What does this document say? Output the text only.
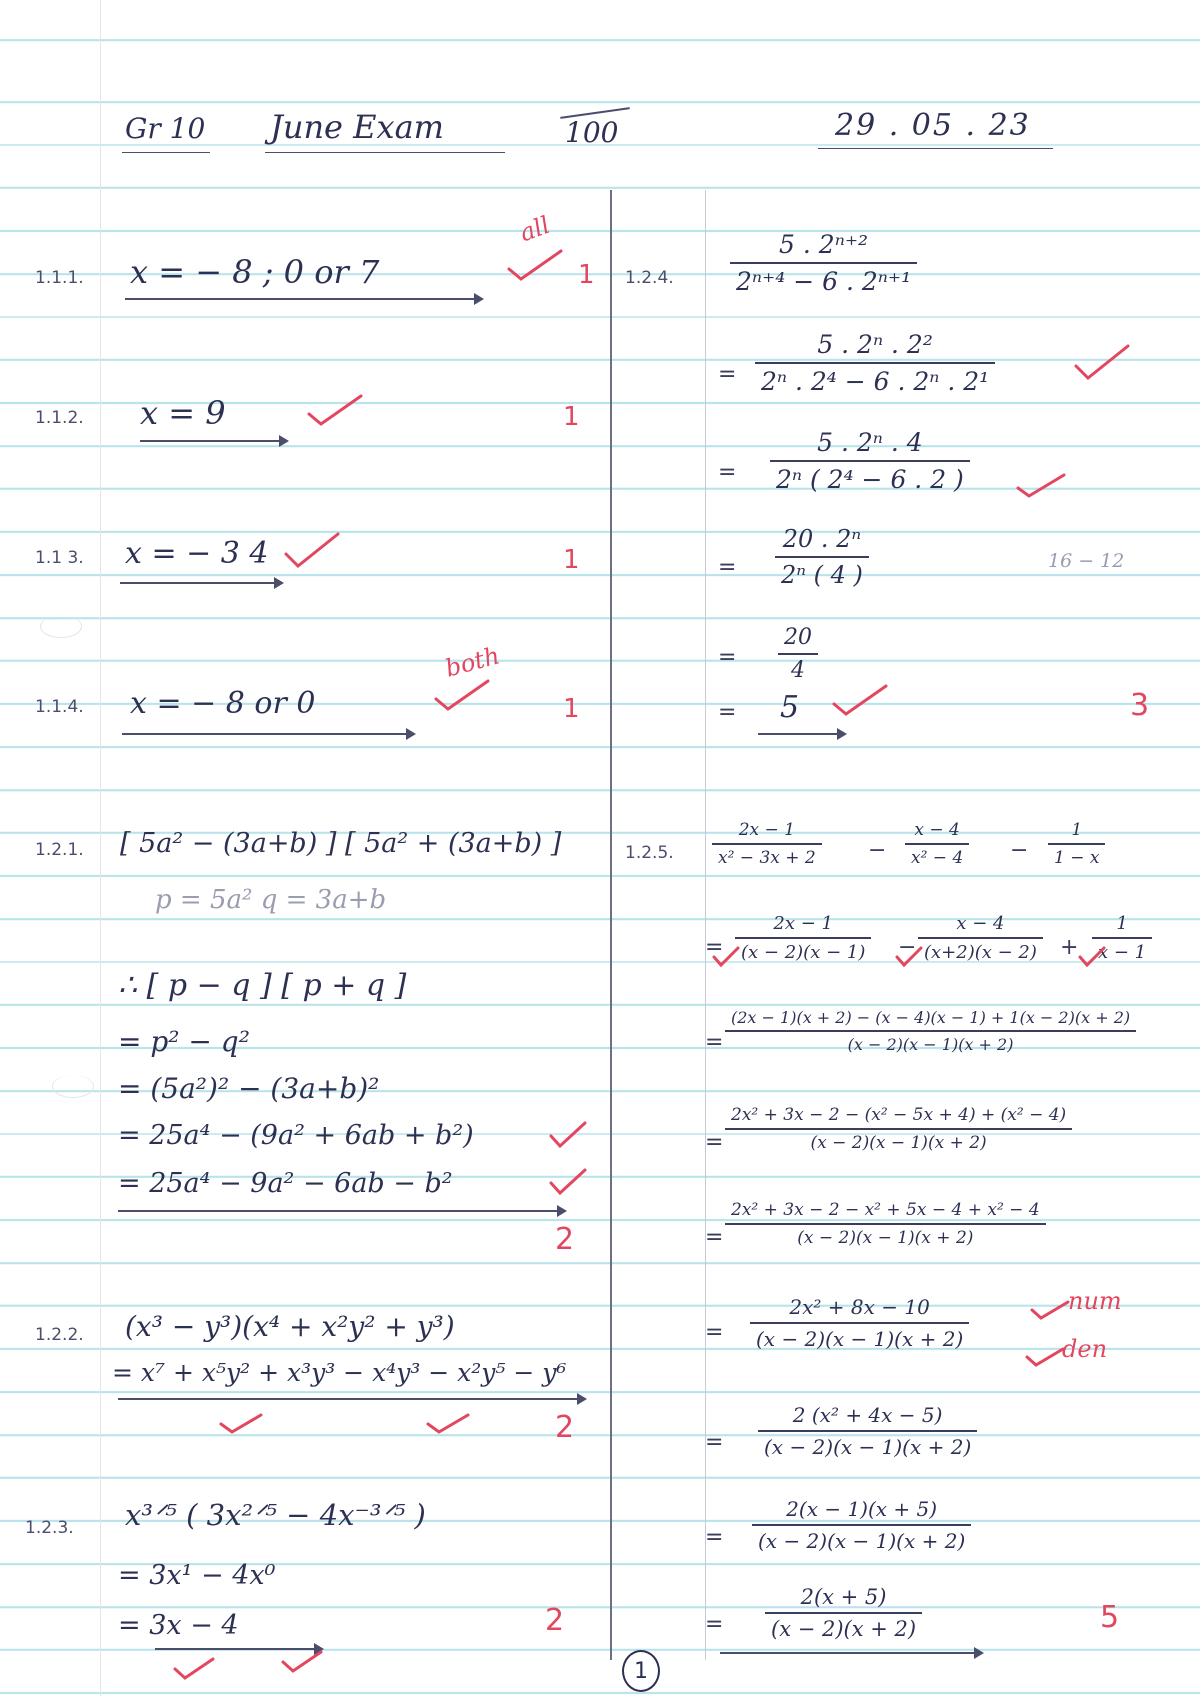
Gr 10 June Exam	100	29 . 05 . 23
1.1.1. x = − 8 ; 0 or 7
all
1
1.1.2. x = 9	1
1.1 3. x = − 3 4	1
1.1.4. x = − 8 or 0
both
1
1.2.1. [ 5a² − (3a+b) ] [ 5a² + (3a+b) ]
p = 5a² q = 3a+b
∴ [ p − q ] [ p + q ]
= p² − q²
= (5a²)² − (3a+b)²
= 25a⁴ − (9a² + 6ab + b²)
= 25a⁴ − 9a² − 6ab − b²
2
1.2.2. (x³ − y³)(x⁴ + x²y² + y³)
= x⁷ + x⁵y² + x³y³ − x⁴y³ − x²y⁵ − y⁶
2
1.2.3. x³ᐟ⁵ ( 3x²ᐟ⁵ − 4x⁻³ᐟ⁵ )
= 3x¹ − 4x⁰
= 3x − 4	2
1.2.4.
5 . 2ⁿ⁺²
2ⁿ⁺⁴ − 6 . 2ⁿ⁺¹
=
5 . 2ⁿ . 2²
2ⁿ . 2⁴ − 6 . 2ⁿ . 2¹
=
5 . 2ⁿ . 4
2ⁿ ( 2⁴ − 6 . 2 )
=
20 . 2ⁿ
2ⁿ ( 4 )	16 − 12
=
20
4
= 5	3
1.2.5.
2x − 1
x² − 3x + 2 −
x − 4
x² − 4 −
1
1 − x
=
2x − 1
(x − 2)(x − 1) −
x − 4
(x+2)(x − 2) +
1
x − 1
=
(2x − 1)(x + 2) − (x − 4)(x − 1) + 1(x − 2)(x + 2)
(x − 2)(x − 1)(x + 2)
=
2x² + 3x − 2 − (x² − 5x + 4) + (x² − 4)
(x − 2)(x − 1)(x + 2)
=
2x² + 3x − 2 − x² + 5x − 4 + x² − 4
(x − 2)(x − 1)(x + 2)
=
2x² + 8x − 10
(x − 2)(x − 1)(x + 2)
num
den
=
2 (x² + 4x − 5)
(x − 2)(x − 1)(x + 2)
=
2(x − 1)(x + 5)
(x − 2)(x − 1)(x + 2)
=
2(x + 5)
(x − 2)(x + 2)	5
1
